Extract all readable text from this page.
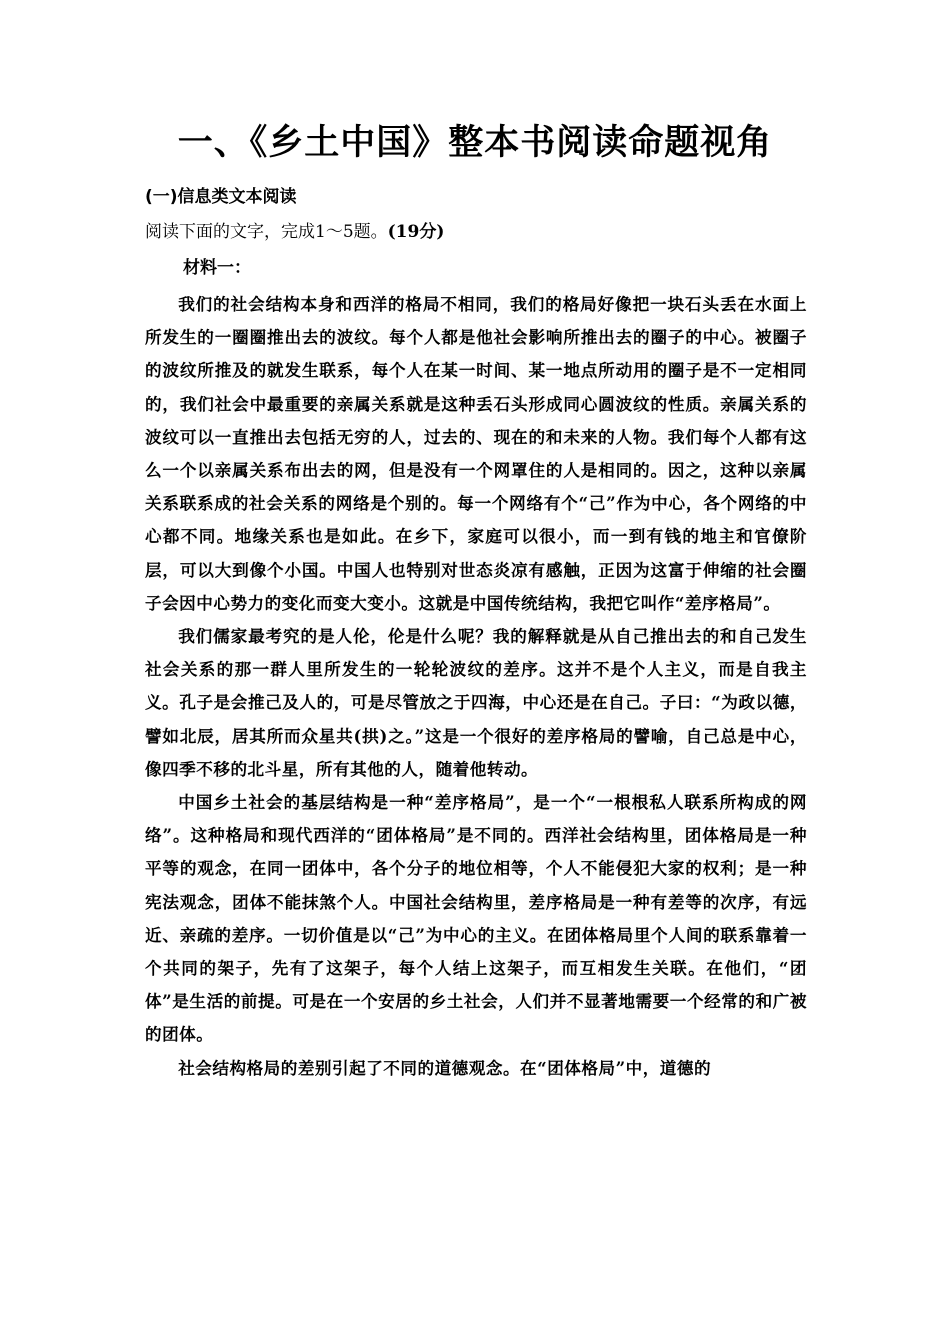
一、《乡土中国》整本书阅读命题视角

(一)信息类文本阅读

阅读下面的文字，完成1～5题。(19分)

材料一：

我们的社会结构本身和西洋的格局不相同，我们的格局好像把一块石头丢在水面上所发生的一圈圈推出去的波纹。每个人都是他社会影响所推出去的圈子的中心。被圈子的波纹所推及的就发生联系，每个人在某一时间、某一地点所动用的圈子是不一定相同的，我们社会中最重要的亲属关系就是这种丢石头形成同心圆波纹的性质。亲属关系的波纹可以一直推出去包括无穷的人，过去的、现在的和未来的人物。我们每个人都有这么一个以亲属关系布出去的网，但是没有一个网罩住的人是相同的。因之，这种以亲属关系联系成的社会关系的网络是个别的。每一个网络有个“己”作为中心，各个网络的中心都不同。地缘关系也是如此。在乡下，家庭可以很小，而一到有钱的地主和官僚阶层，可以大到像个小国。中国人也特别对世态炎凉有感触，正因为这富于伸缩的社会圈子会因中心势力的变化而变大变小。这就是中国传统结构，我把它叫作“差序格局”。

我们儒家最考究的是人伦，伦是什么呢？我的解释就是从自己推出去的和自己发生社会关系的那一群人里所发生的一轮轮波纹的差序。这并不是个人主义，而是自我主义。孔子是会推己及人的，可是尽管放之于四海，中心还是在自己。子曰：“为政以德，譬如北辰，居其所而众星共(拱)之。”这是一个很好的差序格局的譬喻，自己总是中心，像四季不移的北斗星，所有其他的人，随着他转动。

中国乡土社会的基层结构是一种“差序格局”，是一个“一根根私人联系所构成的网络”。这种格局和现代西洋的“团体格局”是不同的。西洋社会结构里，团体格局是一种平等的观念，在同一团体中，各个分子的地位相等，个人不能侵犯大家的权利；是一种宪法观念，团体不能抹煞个人。中国社会结构里，差序格局是一种有差等的次序，有远近、亲疏的差序。一切价值是以“己”为中心的主义。在团体格局里个人间的联系靠着一个共同的架子，先有了这架子，每个人结上这架子，而互相发生关联。在他们，“团体”是生活的前提。可是在一个安居的乡土社会，人们并不显著地需要一个经常的和广被的团体。

社会结构格局的差别引起了不同的道德观念。在“团体格局”中，道德的
